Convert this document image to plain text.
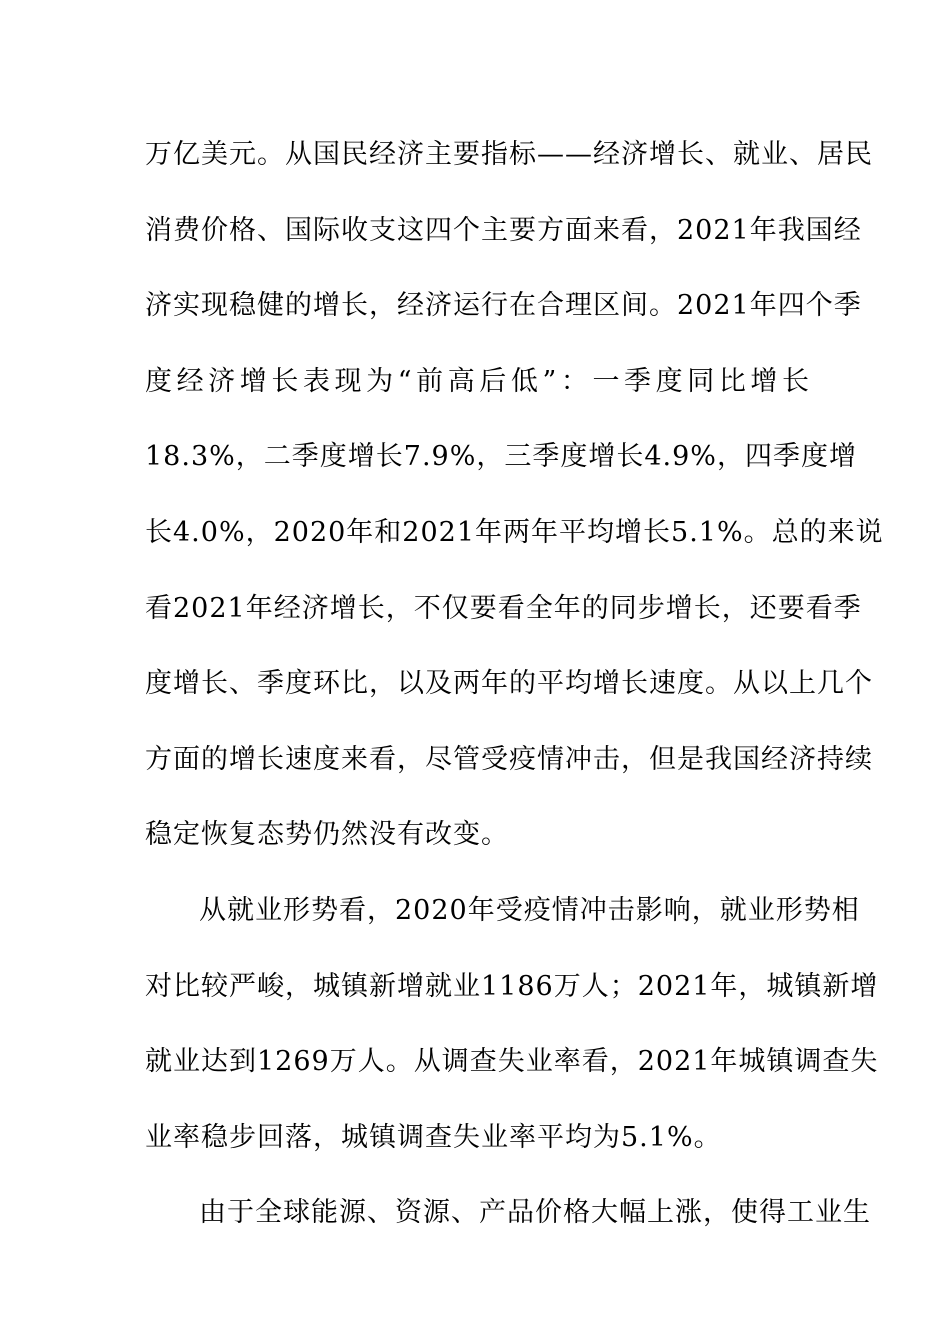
万亿美元。从国民经济主要指标——经济增长、就业、居民
消费价格、国际收支这四个主要方面来看，2021年我国经
济实现稳健的增长，经济运行在合理区间。2021年四个季
度经济增长表现为“前高后低”：一季度同比增长
18.3%，二季度增长7.9%，三季度增长4.9%，四季度增
长4.0%，2020年和2021年两年平均增长5.1%。总的来说
看2021年经济增长，不仅要看全年的同步增长，还要看季
度增长、季度环比，以及两年的平均增长速度。从以上几个
方面的增长速度来看，尽管受疫情冲击，但是我国经济持续
稳定恢复态势仍然没有改变。
从就业形势看，2020年受疫情冲击影响，就业形势相
对比较严峻，城镇新增就业1186万人；2021年，城镇新增
就业达到1269万人。从调查失业率看，2021年城镇调查失
业率稳步回落，城镇调查失业率平均为5.1%。
由于全球能源、资源、产品价格大幅上涨，使得工业生
